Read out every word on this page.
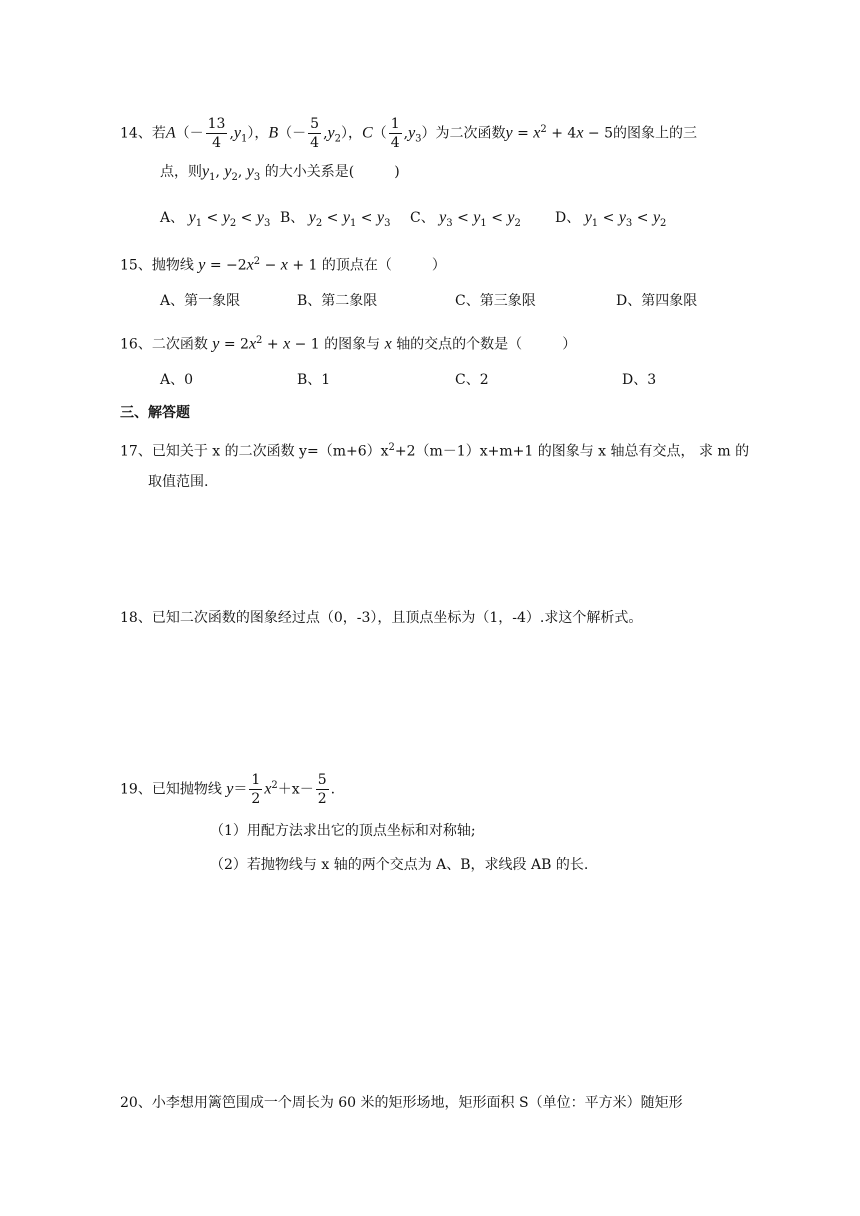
14、若$A(- \frac{13}{4} ,y_1)$，$B(- \frac{5}{4} ,y_2)$，$C( \frac{1}{4} ,y_3)$为二次函数$y = x^2 + 4x - 5$的图象上的三
点，则$y_1$, $y_2$, $y_3$ 的大小关系是(	)
A、 $y_1 < y_2 < y_3$ B、 $y_2 < y_1 < y_3$ C、 $y_3 < y_1 < y_2$ D、 $y_1 < y_3 < y_2$
15、抛物线 $y = -2x^2 - x + 1$ 的顶点在（	）
A、第一象限	B、第二象限	C、第三象限	D、第四象限
16、二次函数 $y = 2x^2 + x - 1$ 的图象与 x 轴的交点的个数是（	）
A、0	B、1	C、2	D、3
三、解答题
17、已知关于 x 的二次函数 $y=(m+6)x^2+2(m-1)x+m+1$ 的图象与 x 轴总有交点， 求 m 的
取值范围.
18、已知二次函数的图象经过点（0，-3），且顶点坐标为（1，-4）.求这个解析式。
19、已知抛物线 $y= \frac{1}{2} x^2+x- \frac{5}{2}$ .
（1）用配方法求出它的顶点坐标和对称轴;
（2）若抛物线与 x 轴的两个交点为 A、B，求线段 AB 的长.
20、小李想用篱笆围成一个周长为 60 米的矩形场地，矩形面积 S（单位：平方米）随矩形
